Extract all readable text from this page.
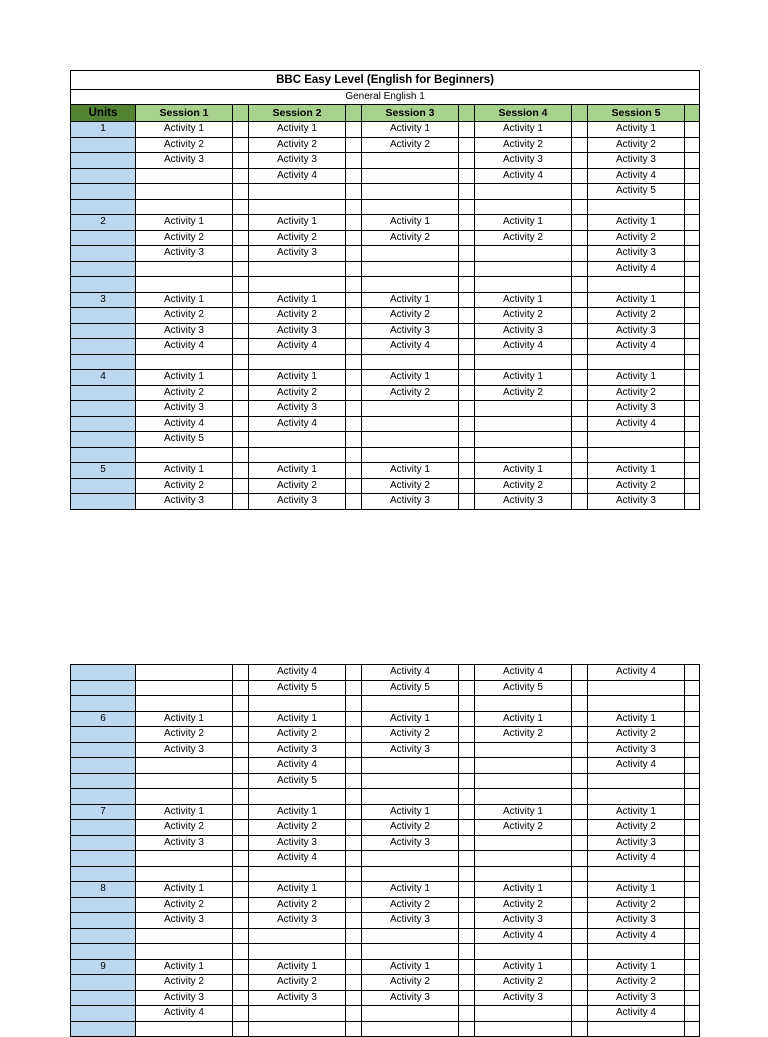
BBC Easy Level (English for Beginners)										
General English 1										
Units	Session 1		Session 2		Session 3		Session 4		Session 5	
1	Activity 1		Activity 1		Activity 1		Activity 1		Activity 1	
	Activity 2		Activity 2		Activity 2		Activity 2		Activity 2	
	Activity 3		Activity 3				Activity 3		Activity 3	
			Activity 4				Activity 4		Activity 4	
									Activity 5	

2	Activity 1		Activity 1		Activity 1		Activity 1		Activity 1	
	Activity 2		Activity 2		Activity 2		Activity 2		Activity 2	
	Activity 3		Activity 3						Activity 3	
									Activity 4	

3	Activity 1		Activity 1		Activity 1		Activity 1		Activity 1	
	Activity 2		Activity 2		Activity 2		Activity 2		Activity 2	
	Activity 3		Activity 3		Activity 3		Activity 3		Activity 3	
	Activity 4		Activity 4		Activity 4		Activity 4		Activity 4	

4	Activity 1		Activity 1		Activity 1		Activity 1		Activity 1	
	Activity 2		Activity 2		Activity 2		Activity 2		Activity 2	
	Activity 3		Activity 3						Activity 3	
	Activity 4		Activity 4						Activity 4	
	Activity 5									

5	Activity 1		Activity 1		Activity 1		Activity 1		Activity 1	
	Activity 2		Activity 2		Activity 2		Activity 2		Activity 2	
	Activity 3		Activity 3		Activity 3		Activity 3		Activity 3	
			Activity 4		Activity 4		Activity 4		Activity 4	
			Activity 5		Activity 5		Activity 5			

6	Activity 1		Activity 1		Activity 1		Activity 1		Activity 1	
	Activity 2		Activity 2		Activity 2		Activity 2		Activity 2	
	Activity 3		Activity 3		Activity 3				Activity 3	
			Activity 4						Activity 4	
			Activity 5							

7	Activity 1		Activity 1		Activity 1		Activity 1		Activity 1	
	Activity 2		Activity 2		Activity 2		Activity 2		Activity 2	
	Activity 3		Activity 3		Activity 3				Activity 3	
			Activity 4						Activity 4	

8	Activity 1		Activity 1		Activity 1		Activity 1		Activity 1	
	Activity 2		Activity 2		Activity 2		Activity 2		Activity 2	
	Activity 3		Activity 3		Activity 3		Activity 3		Activity 3	
							Activity 4		Activity 4	

9	Activity 1		Activity 1		Activity 1		Activity 1		Activity 1	
	Activity 2		Activity 2		Activity 2		Activity 2		Activity 2	
	Activity 3		Activity 3		Activity 3		Activity 3		Activity 3	
	Activity 4								Activity 4	
